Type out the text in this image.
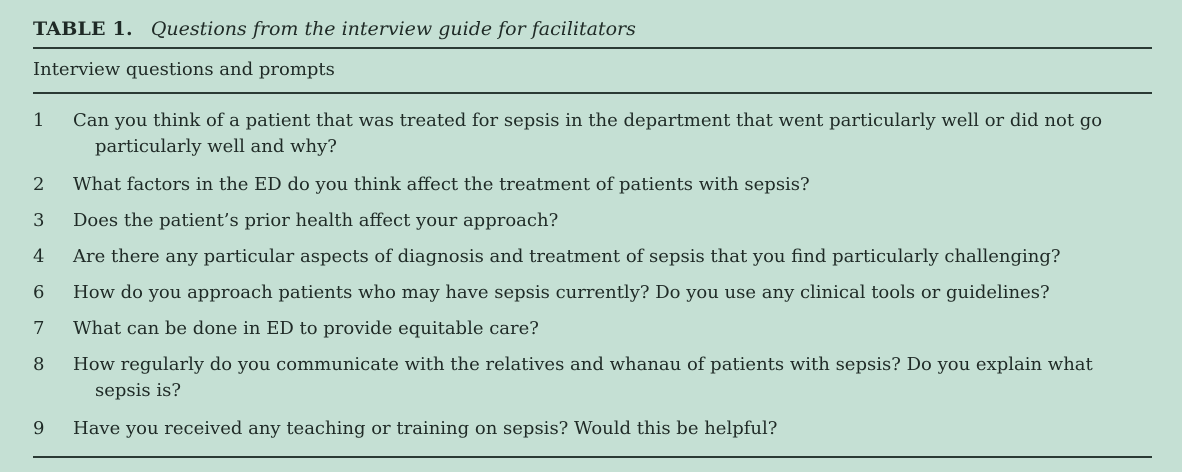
TABLE 1. Questions from the interview guide for facilitators
Interview questions and prompts
1	Can you think of a patient that was treated for sepsis in the department that went particularly well or did not go particularly well and why?
2	What factors in the ED do you think affect the treatment of patients with sepsis?
3	Does the patient’s prior health affect your approach?
4	Are there any particular aspects of diagnosis and treatment of sepsis that you find particularly challenging?
6	How do you approach patients who may have sepsis currently? Do you use any clinical tools or guidelines?
7	What can be done in ED to provide equitable care?
8	How regularly do you communicate with the relatives and whanau of patients with sepsis? Do you explain what sepsis is?
9	Have you received any teaching or training on sepsis? Would this be helpful?
